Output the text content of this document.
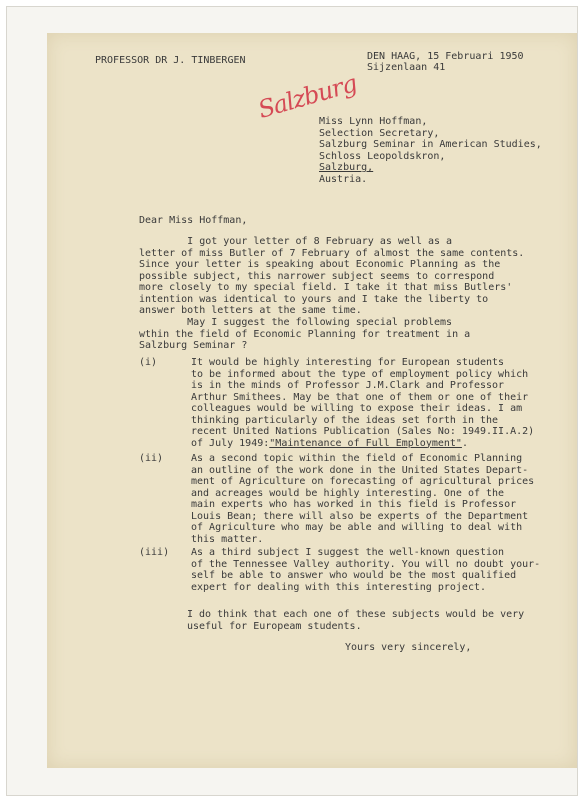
PROFESSOR DR J. TINBERGEN	DEN HAAG, 15 Februari 1950
Sijzenlaan 41
Salzburg
Miss Lynn Hoffman,
Selection Secretary,
Salzburg Seminar in American Studies,
Schloss Leopoldskron,
Salzburg,
Austria.
Dear Miss Hoffman,
I got your letter of 8 February as well as a
letter of miss Butler of 7 February of almost the same contents.
Since your letter is speaking about Economic Planning as the
possible subject, this narrower subject seems to correspond
more closely to my special field. I take it that miss Butlers'
intention was identical to yours and I take the liberty to
answer both letters at the same time.
May I suggest the following special problems
wthin the field of Economic Planning for treatment in a
Salzburg Seminar ?

(i)

	It would be highly interesting for European students
to be informed about the type of employment policy which
is in the minds of Professor J.M.Clark and Professor
Arthur Smithees. May be that one of them or one of their
colleagues would be willing to expose their ideas. I am
thinking particularly of the ideas set forth in the
recent United Nations Publication (Sales No: 1949.II.A.2)
of July 1949:"Maintenance of Full Employment".

(ii)

	As a second topic within the field of Economic Planning
an outline of the work done in the United States Depart-
ment of Agriculture on forecasting of agricultural prices
and acreages would be highly interesting. One of the
main experts who has worked in this field is Professor
Louis Bean; there will also be experts of the Department
of Agriculture who may be able and willing to deal with
this matter.

(iii)

As a third subject I suggest the well-known question
of the Tennessee Valley authority. You will no doubt your-
self be able to answer who would be the most qualified
expert for dealing with this interesting project.

I do think that each one of these subjects would be very
useful for Europeam students.
Yours very sincerely,
